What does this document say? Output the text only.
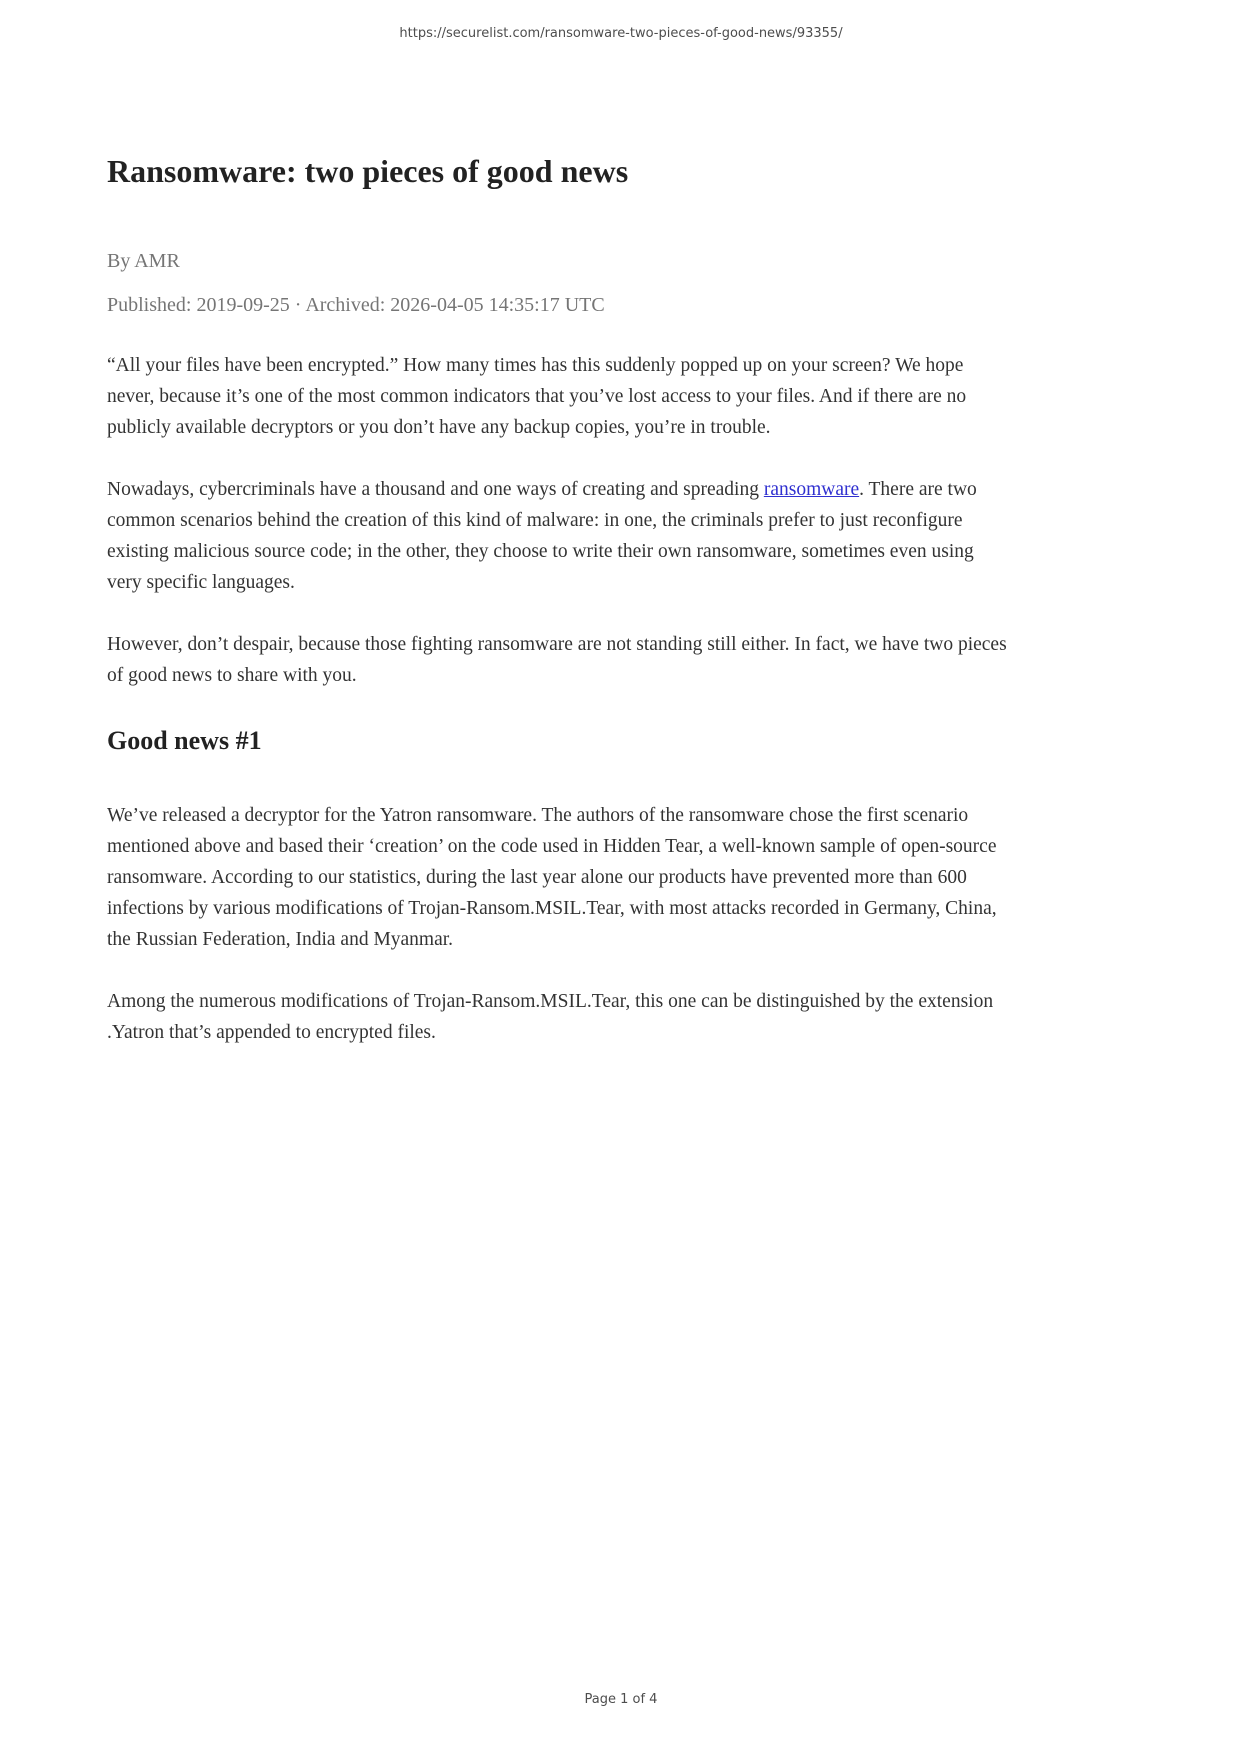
https://securelist.com/ransomware-two-pieces-of-good-news/93355/
Ransomware: two pieces of good news

By AMR

Published: 2019-09-25 · Archived: 2026-04-05 14:35:17 UTC

“All your files have been encrypted.” How many times has this suddenly popped up on your screen? We hope never, because it’s one of the most common indicators that you’ve lost access to your files. And if there are no publicly available decryptors or you don’t have any backup copies, you’re in trouble.

Nowadays, cybercriminals have a thousand and one ways of creating and spreading ransomware. There are two common scenarios behind the creation of this kind of malware: in one, the criminals prefer to just reconfigure existing malicious source code; in the other, they choose to write their own ransomware, sometimes even using very specific languages.

However, don’t despair, because those fighting ransomware are not standing still either. In fact, we have two pieces of good news to share with you.

Good news #1

We’ve released a decryptor for the Yatron ransomware. The authors of the ransomware chose the first scenario mentioned above and based their ‘creation’ on the code used in Hidden Tear, a well-known sample of open-source ransomware. According to our statistics, during the last year alone our products have prevented more than 600 infections by various modifications of Trojan-Ransom.MSIL.Tear, with most attacks recorded in Germany, China, the Russian Federation, India and Myanmar.

Among the numerous modifications of Trojan-Ransom.MSIL.Tear, this one can be distinguished by the extension .Yatron that’s appended to encrypted files.

Page 1 of 4
